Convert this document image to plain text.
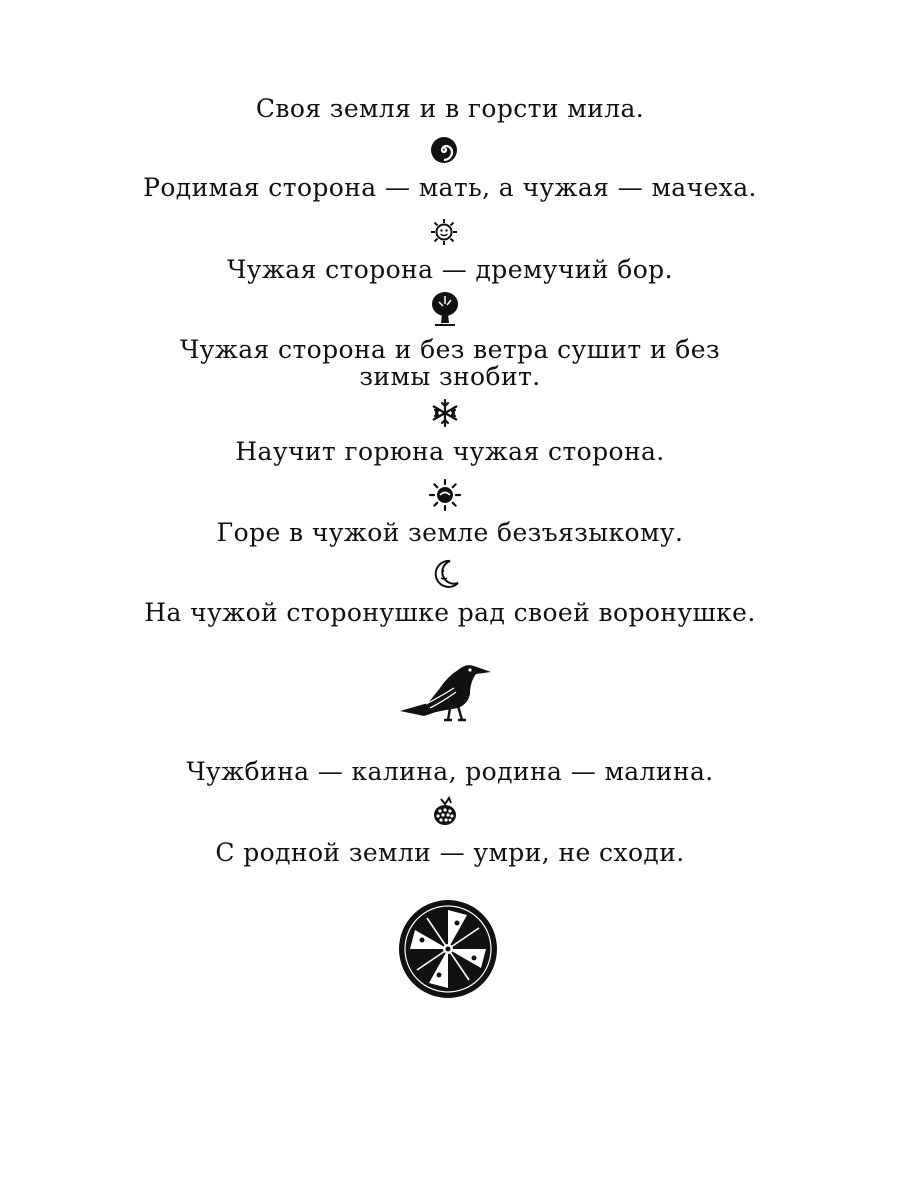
Своя земля и в горсти мила.
Родимая сторона — мать, а чужая — мачеха.
Чужая сторона — дремучий бор.
Чужая сторона и без ветра сушит и без
зимы знобит.
Научит горюна чужая сторона.
Горе в чужой земле безъязыкому.
На чужой сторонушке рад своей воронушке.
Чужбина — калина, родина — малина.
С родной земли — умри, не сходи.
